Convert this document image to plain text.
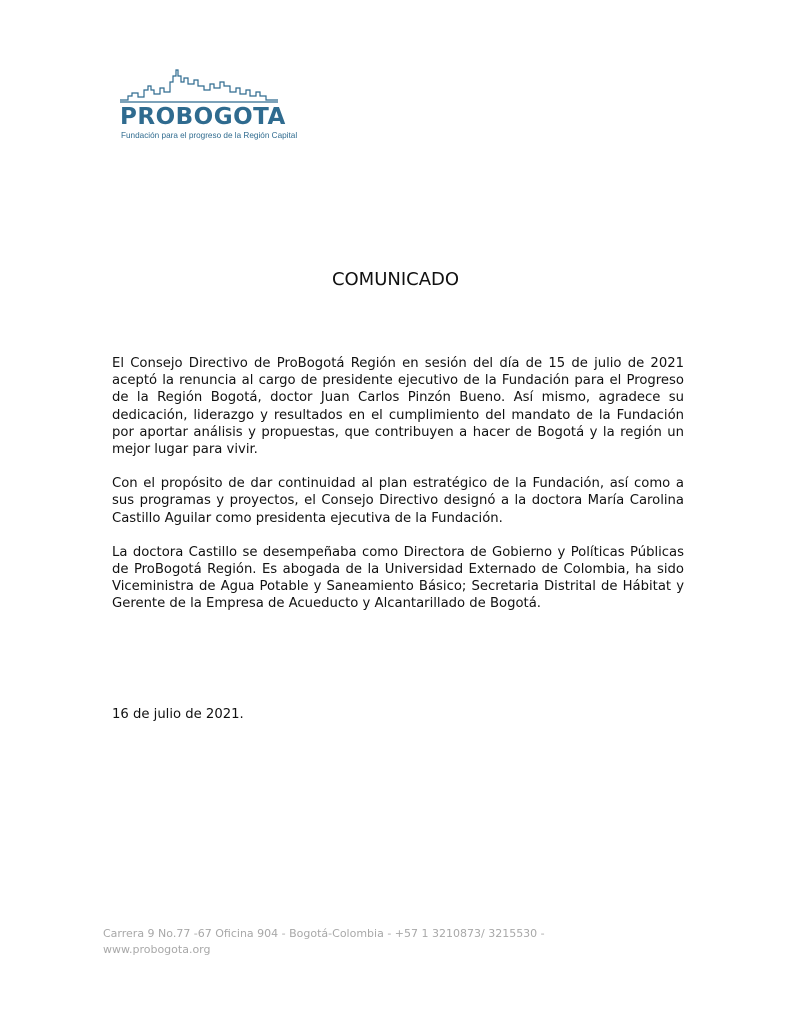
PROBOGOTA
Fundación para el progreso de la Región Capital
COMUNICADO

El Consejo Directivo de ProBogotá Región en sesión del día de 15 de julio de 2021 aceptó la renuncia al cargo de presidente ejecutivo de la Fundación para el Progreso de la Región Bogotá, doctor Juan Carlos Pinzón Bueno. Así mismo, agradece su dedicación, liderazgo y resultados en el cumplimiento del mandato de la Fundación por aportar análisis y propuestas, que contribuyen a hacer de Bogotá y la región un mejor lugar para vivir.

Con el propósito de dar continuidad al plan estratégico de la Fundación, así como a sus programas y proyectos, el Consejo Directivo designó a la doctora María Carolina Castillo Aguilar como presidenta ejecutiva de la Fundación.

La doctora Castillo se desempeñaba como Directora de Gobierno y Políticas Públicas de ProBogotá Región. Es abogada de la Universidad Externado de Colombia, ha sido Viceministra de Agua Potable y Saneamiento Básico; Secretaria Distrital de Hábitat y Gerente de la Empresa de Acueducto y Alcantarillado de Bogotá.

16 de julio de 2021.
Carrera 9 No.77 -67 Oficina 904 - Bogotá-Colombia - +57 1 3210873/ 3215530 -
www.probogota.org
